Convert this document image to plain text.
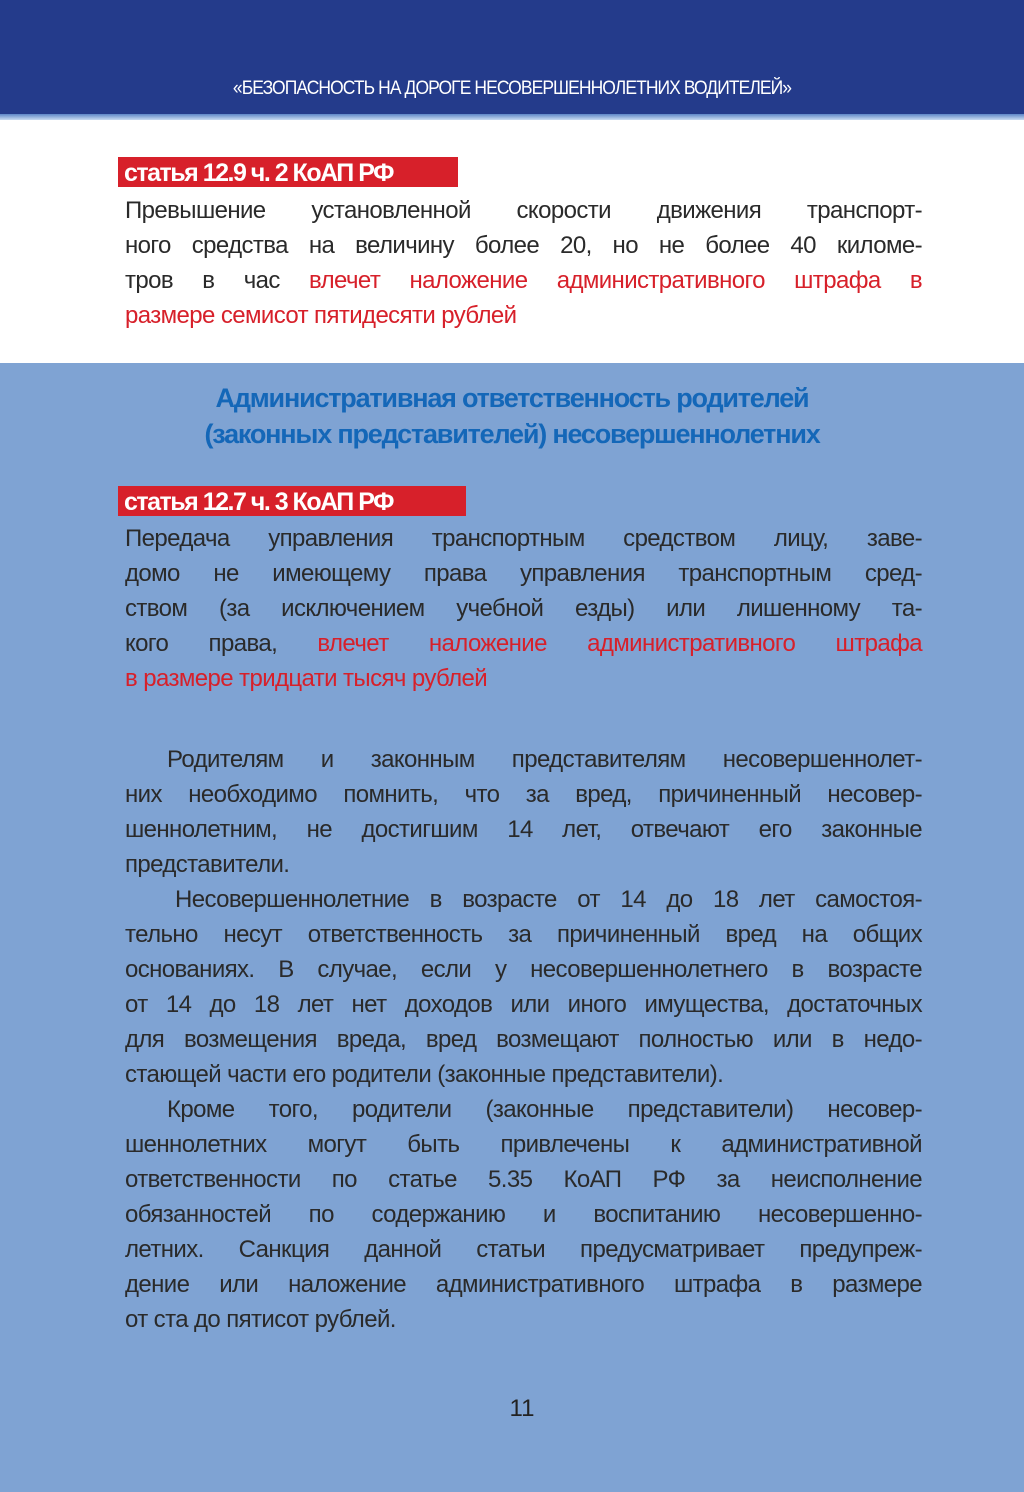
«БЕЗОПАСНОСТЬ НА ДОРОГЕ НЕСОВЕРШЕННОЛЕТНИХ ВОДИТЕЛЕЙ»
статья 12.9 ч. 2 КоАП РФ
Превышение установленной скорости движения транспорт-
ного средства на величину более 20, но не более 40 киломе-
тров в час влечет наложение административного штрафа в
размере семисот пятидесяти рублей
Административная ответственность родителей
(законных представителей) несовершеннолетних
статья 12.7 ч. 3 КоАП РФ
Передача управления транспортным средством лицу, заве-
домо не имеющему права управления транспортным сред-
ством (за исключением учебной езды) или лишенному та-
кого права, влечет наложение административного штрафа
в размере тридцати тысяч рублей
Родителям и законным представителям несовершеннолет-
них необходимо помнить, что за вред, причиненный несовер-
шеннолетним, не достигшим 14 лет, отвечают его законные
представители.
Несовершеннолетние в возрасте от 14 до 18 лет самостоя-
тельно несут ответственность за причиненный вред на общих
основаниях. В случае, если у несовершеннолетнего в возрасте
от 14 до 18 лет нет доходов или иного имущества, достаточных
для возмещения вреда, вред возмещают полностью или в недо-
стающей части его родители (законные представители).
Кроме того, родители (законные представители) несовер-
шеннолетних могут быть привлечены к административной
ответственности по статье 5.35 КоАП РФ за неисполнение
обязанностей по содержанию и воспитанию несовершенно-
летних. Санкция данной статьи предусматривает предупреж-
дение или наложение административного штрафа в размере
от ста до пятисот рублей.
11
